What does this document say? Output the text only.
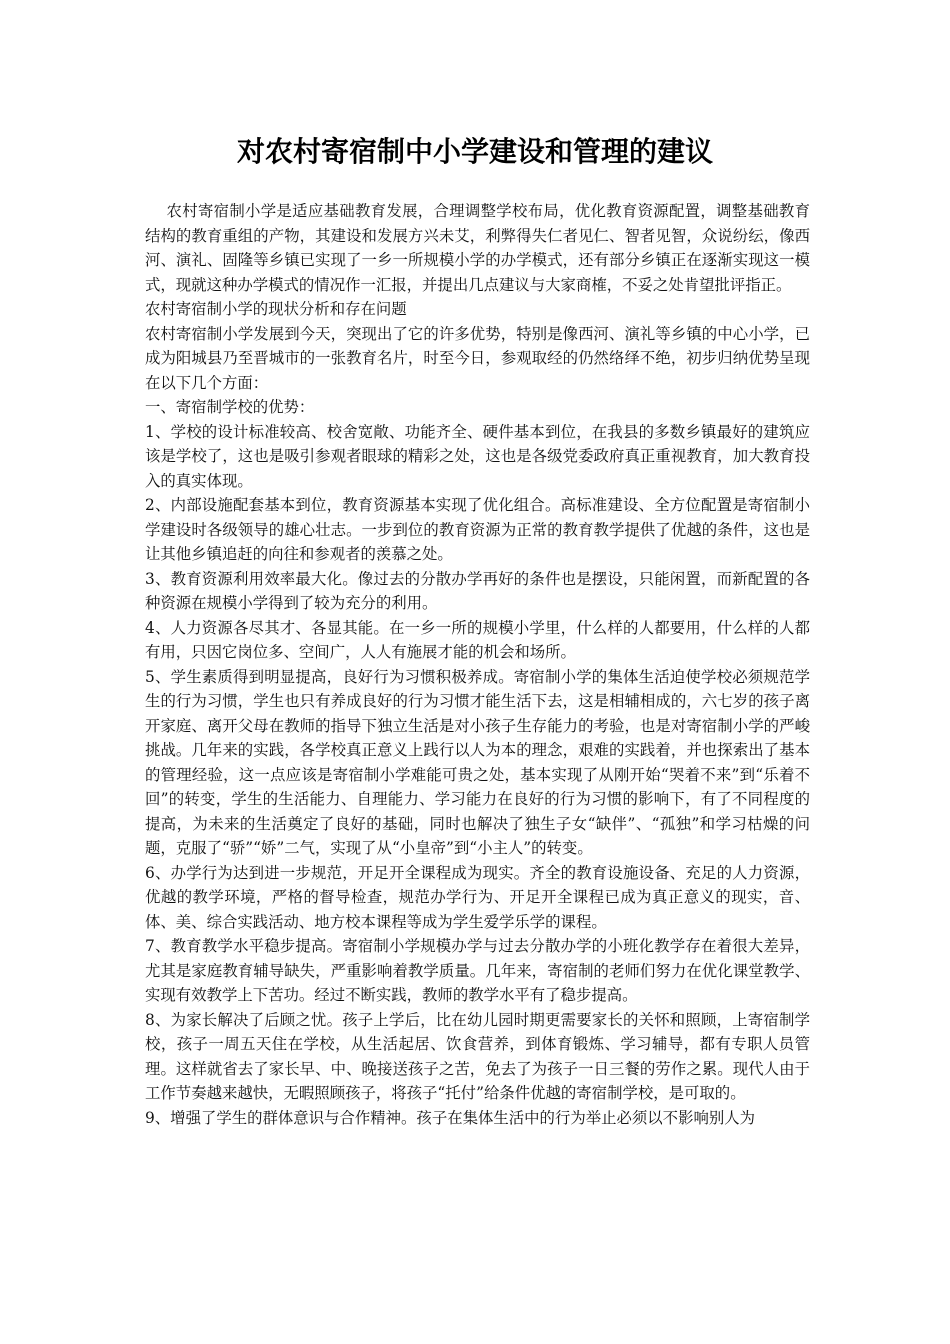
对农村寄宿制中小学建设和管理的建议

农村寄宿制小学是适应基础教育发展，合理调整学校布局，优化教育资源配置，调整基础教育结构的教育重组的产物，其建设和发展方兴未艾，利弊得失仁者见仁、智者见智，众说纷纭，像西河、演礼、固隆等乡镇已实现了一乡一所规模小学的办学模式，还有部分乡镇正在逐渐实现这一模式，现就这种办学模式的情况作一汇报，并提出几点建议与大家商榷，不妥之处肯望批评指正。

农村寄宿制小学的现状分析和存在问题

农村寄宿制小学发展到今天，突现出了它的许多优势，特别是像西河、演礼等乡镇的中心小学，已成为阳城县乃至晋城市的一张教育名片，时至今日，参观取经的仍然络绎不绝，初步归纳优势呈现在以下几个方面：

一、寄宿制学校的优势：

1、学校的设计标准较高、校舍宽敞、功能齐全、硬件基本到位，在我县的多数乡镇最好的建筑应该是学校了，这也是吸引参观者眼球的精彩之处，这也是各级党委政府真正重视教育，加大教育投入的真实体现。

2、内部设施配套基本到位，教育资源基本实现了优化组合。高标准建设、全方位配置是寄宿制小学建设时各级领导的雄心壮志。一步到位的教育资源为正常的教育教学提供了优越的条件，这也是让其他乡镇追赶的向往和参观者的羡慕之处。

3、教育资源利用效率最大化。像过去的分散办学再好的条件也是摆设，只能闲置，而新配置的各种资源在规模小学得到了较为充分的利用。

4、人力资源各尽其才、各显其能。在一乡一所的规模小学里，什么样的人都要用，什么样的人都有用，只因它岗位多、空间广，人人有施展才能的机会和场所。

5、学生素质得到明显提高，良好行为习惯积极养成。寄宿制小学的集体生活迫使学校必须规范学生的行为习惯，学生也只有养成良好的行为习惯才能生活下去，这是相辅相成的，六七岁的孩子离开家庭、离开父母在教师的指导下独立生活是对小孩子生存能力的考验，也是对寄宿制小学的严峻挑战。几年来的实践，各学校真正意义上践行以人为本的理念，艰难的实践着，并也探索出了基本的管理经验，这一点应该是寄宿制小学难能可贵之处，基本实现了从刚开始“哭着不来”到“乐着不回”的转变，学生的生活能力、自理能力、学习能力在良好的行为习惯的影响下，有了不同程度的提高，为未来的生活奠定了良好的基础，同时也解决了独生子女“缺伴”、“孤独”和学习枯燥的问题，克服了“骄”“娇”二气，实现了从“小皇帝”到“小主人”的转变。

6、办学行为达到进一步规范，开足开全课程成为现实。齐全的教育设施设备、充足的人力资源，优越的教学环境，严格的督导检查，规范办学行为、开足开全课程已成为真正意义的现实，音、体、美、综合实践活动、地方校本课程等成为学生爱学乐学的课程。

7、教育教学水平稳步提高。寄宿制小学规模办学与过去分散办学的小班化教学存在着很大差异，尤其是家庭教育辅导缺失，严重影响着教学质量。几年来，寄宿制的老师们努力在优化课堂教学、实现有效教学上下苦功。经过不断实践，教师的教学水平有了稳步提高。

8、为家长解决了后顾之忧。孩子上学后，比在幼儿园时期更需要家长的关怀和照顾，上寄宿制学校，孩子一周五天住在学校，从生活起居、饮食营养，到体育锻炼、学习辅导，都有专职人员管理。这样就省去了家长早、中、晚接送孩子之苦，免去了为孩子一日三餐的劳作之累。现代人由于工作节奏越来越快，无暇照顾孩子，将孩子“托付”给条件优越的寄宿制学校，是可取的。

9、增强了学生的群体意识与合作精神。孩子在集体生活中的行为举止必须以不影响别人为
